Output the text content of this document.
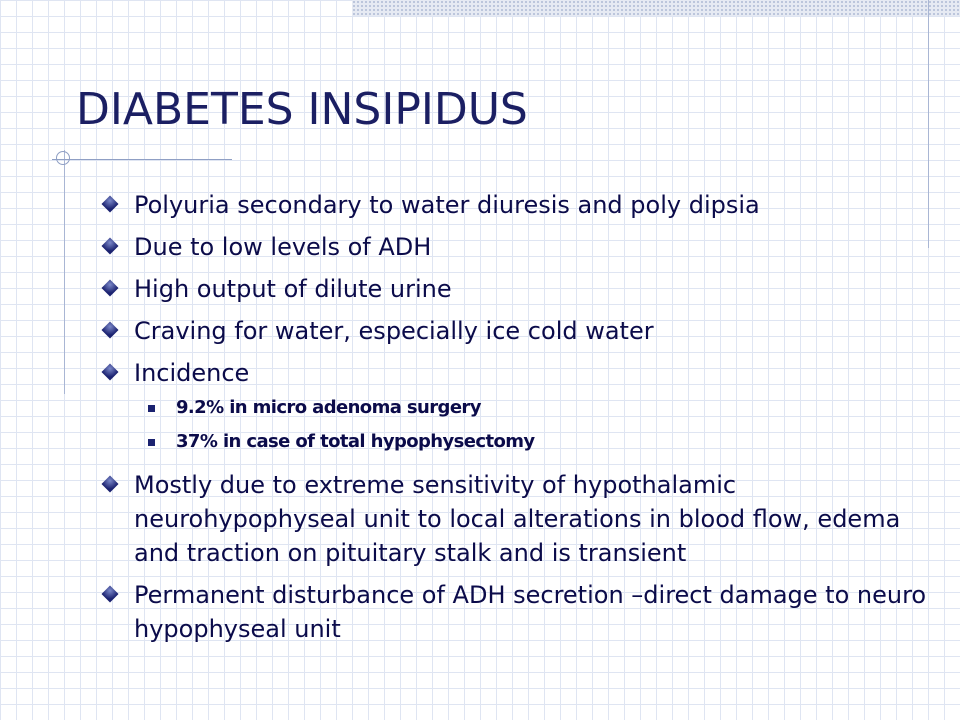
DIABETES INSIPIDUS
Polyuria secondary to water diuresis and poly dipsia
Due to low levels of ADH
High output of dilute urine
Craving for water, especially ice cold water
Incidence
9.2% in micro adenoma surgery
37% in case of total hypophysectomy
Mostly due to extreme sensitivity of hypothalamic neurohypophyseal unit to local alterations in blood flow, edema and traction on pituitary stalk and is transient
Permanent disturbance of ADH secretion –direct damage to neuro hypophyseal unit
